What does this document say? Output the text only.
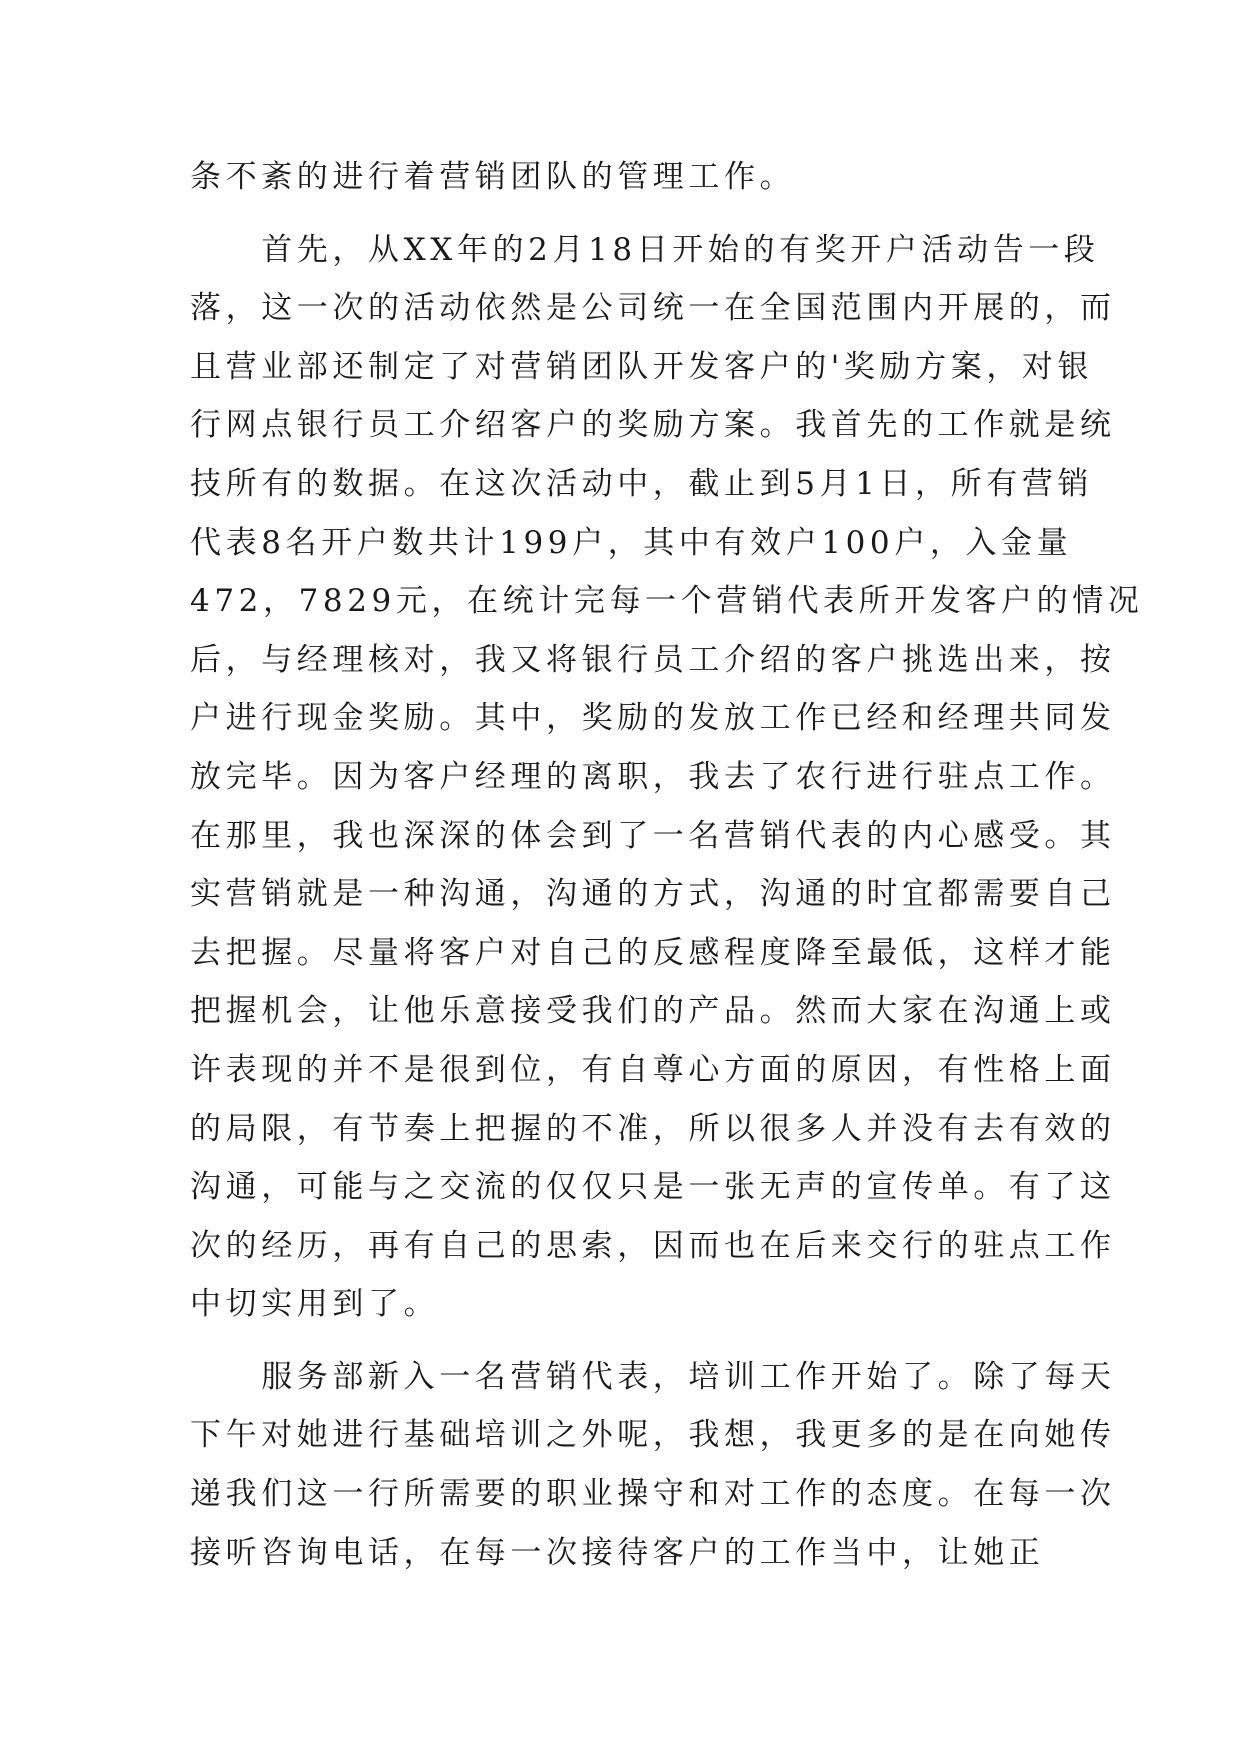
条不紊的进行着营销团队的管理工作。
　　首先，从XX年的2月18日开始的有奖开户活动告一段
落，这一次的活动依然是公司统一在全国范围内开展的，而
且营业部还制定了对营销团队开发客户的'奖励方案，对银
行网点银行员工介绍客户的奖励方案。我首先的工作就是统
技所有的数据。在这次活动中，截止到5月1日，所有营销
代表8名开户数共计199户，其中有效户100户，入金量
472，7829元，在统计完每一个营销代表所开发客户的情况
后，与经理核对，我又将银行员工介绍的客户挑选出来，按
户进行现金奖励。其中，奖励的发放工作已经和经理共同发
放完毕。因为客户经理的离职，我去了农行进行驻点工作。
在那里，我也深深的体会到了一名营销代表的内心感受。其
实营销就是一种沟通，沟通的方式，沟通的时宜都需要自己
去把握。尽量将客户对自己的反感程度降至最低，这样才能
把握机会，让他乐意接受我们的产品。然而大家在沟通上或
许表现的并不是很到位，有自尊心方面的原因，有性格上面
的局限，有节奏上把握的不准，所以很多人并没有去有效的
沟通，可能与之交流的仅仅只是一张无声的宣传单。有了这
次的经历，再有自己的思索，因而也在后来交行的驻点工作
中切实用到了。
　　服务部新入一名营销代表，培训工作开始了。除了每天
下午对她进行基础培训之外呢，我想，我更多的是在向她传
递我们这一行所需要的职业操守和对工作的态度。在每一次
接听咨询电话，在每一次接待客户的工作当中，让她正
